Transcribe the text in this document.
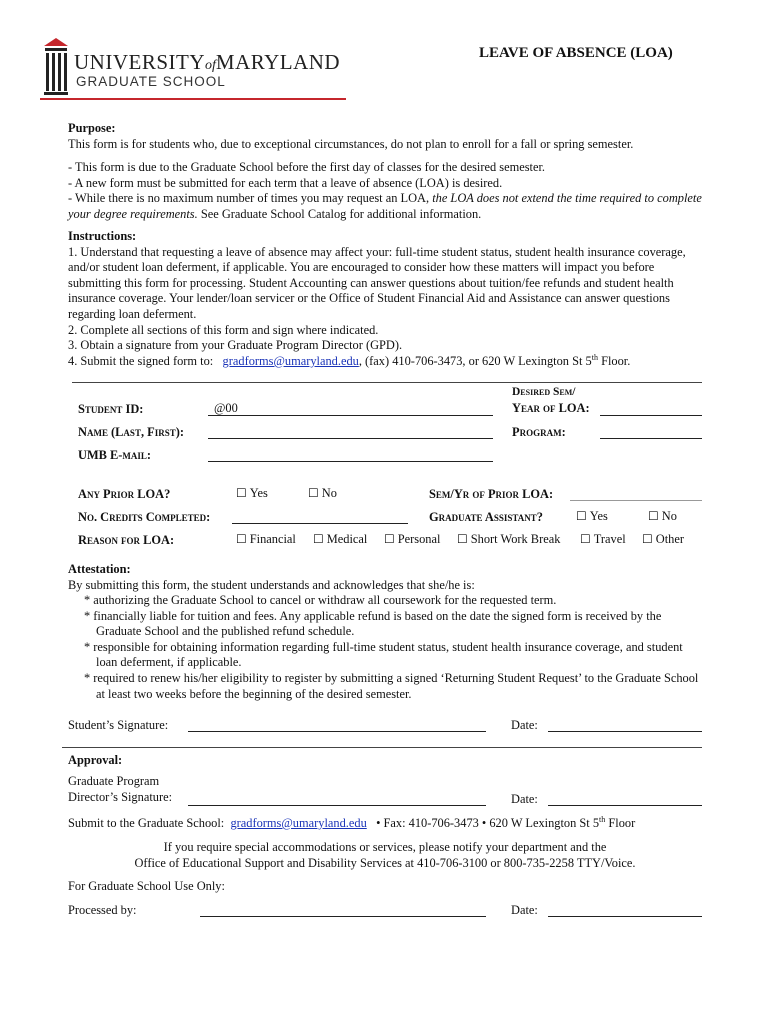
UNIVERSITYofMARYLAND
GRADUATE SCHOOL
LEAVE OF ABSENCE (LOA)

Purpose:

This form is for students who, due to exceptional circumstances, do not plan to enroll for a fall or spring semester.

- This form is due to the Graduate School before the first day of classes for the desired semester.

- A new form must be submitted for each term that a leave of absence (LOA) is desired.

- While there is no maximum number of times you may request an LOA, the LOA does not extend the time required to complete your degree requirements. See Graduate School Catalog for additional information.

Instructions:

1. Understand that requesting a leave of absence may affect your: full-time student status, student health insurance coverage, and/or student loan deferment, if applicable. You are encouraged to consider how these matters will impact you before submitting this form for processing. Student Accounting can answer questions about tuition/fee refunds and student health insurance coverage. Your lender/loan servicer or the Office of Student Financial Aid and Assistance can answer questions regarding loan deferment.

2. Complete all sections of this form and sign where indicated.

3. Obtain a signature from your Graduate Program Director (GPD).

4. Submit the signed form to: gradforms@umaryland.edu, (fax) 410-706-3473, or 620 W Lexington St 5th Floor.

Student ID:	@00
Desired Sem/
Year of LOA:
Name (Last, First):	Program:
UMB E-mail:
Any Prior LOA?	☐ Yes	☐ No	Sem/Yr of Prior LOA:
No. Credits Completed:	Graduate Assistant?	☐ Yes	☐ No
Reason for LOA:	☐ Financial ☐ Medical ☐ Personal ☐ Short Work Break ☐ Travel ☐ Other

Attestation:

By submitting this form, the student understands and acknowledges that she/he is:

* authorizing the Graduate School to cancel or withdraw all coursework for the requested term.

* financially liable for tuition and fees. Any applicable refund is based on the date the signed form is received by the Graduate School and the published refund schedule.

* responsible for obtaining information regarding full-time student status, student health insurance coverage, and student loan deferment, if applicable.

* required to renew his/her eligibility to register by submitting a signed ‘Returning Student Request’ to the Graduate School at least two weeks before the beginning of the desired semester.

Student’s Signature:	Date:
Approval:
Graduate Program
Director’s Signature:	Date:
Submit to the Graduate School: gradforms@umaryland.edu • Fax: 410-706-3473 • 620 W Lexington St 5th Floor
If you require special accommodations or services, please notify your department and the
Office of Educational Support and Disability Services at 410-706-3100 or 800-735-2258 TTY/Voice.
For Graduate School Use Only:
Processed by:	Date:
